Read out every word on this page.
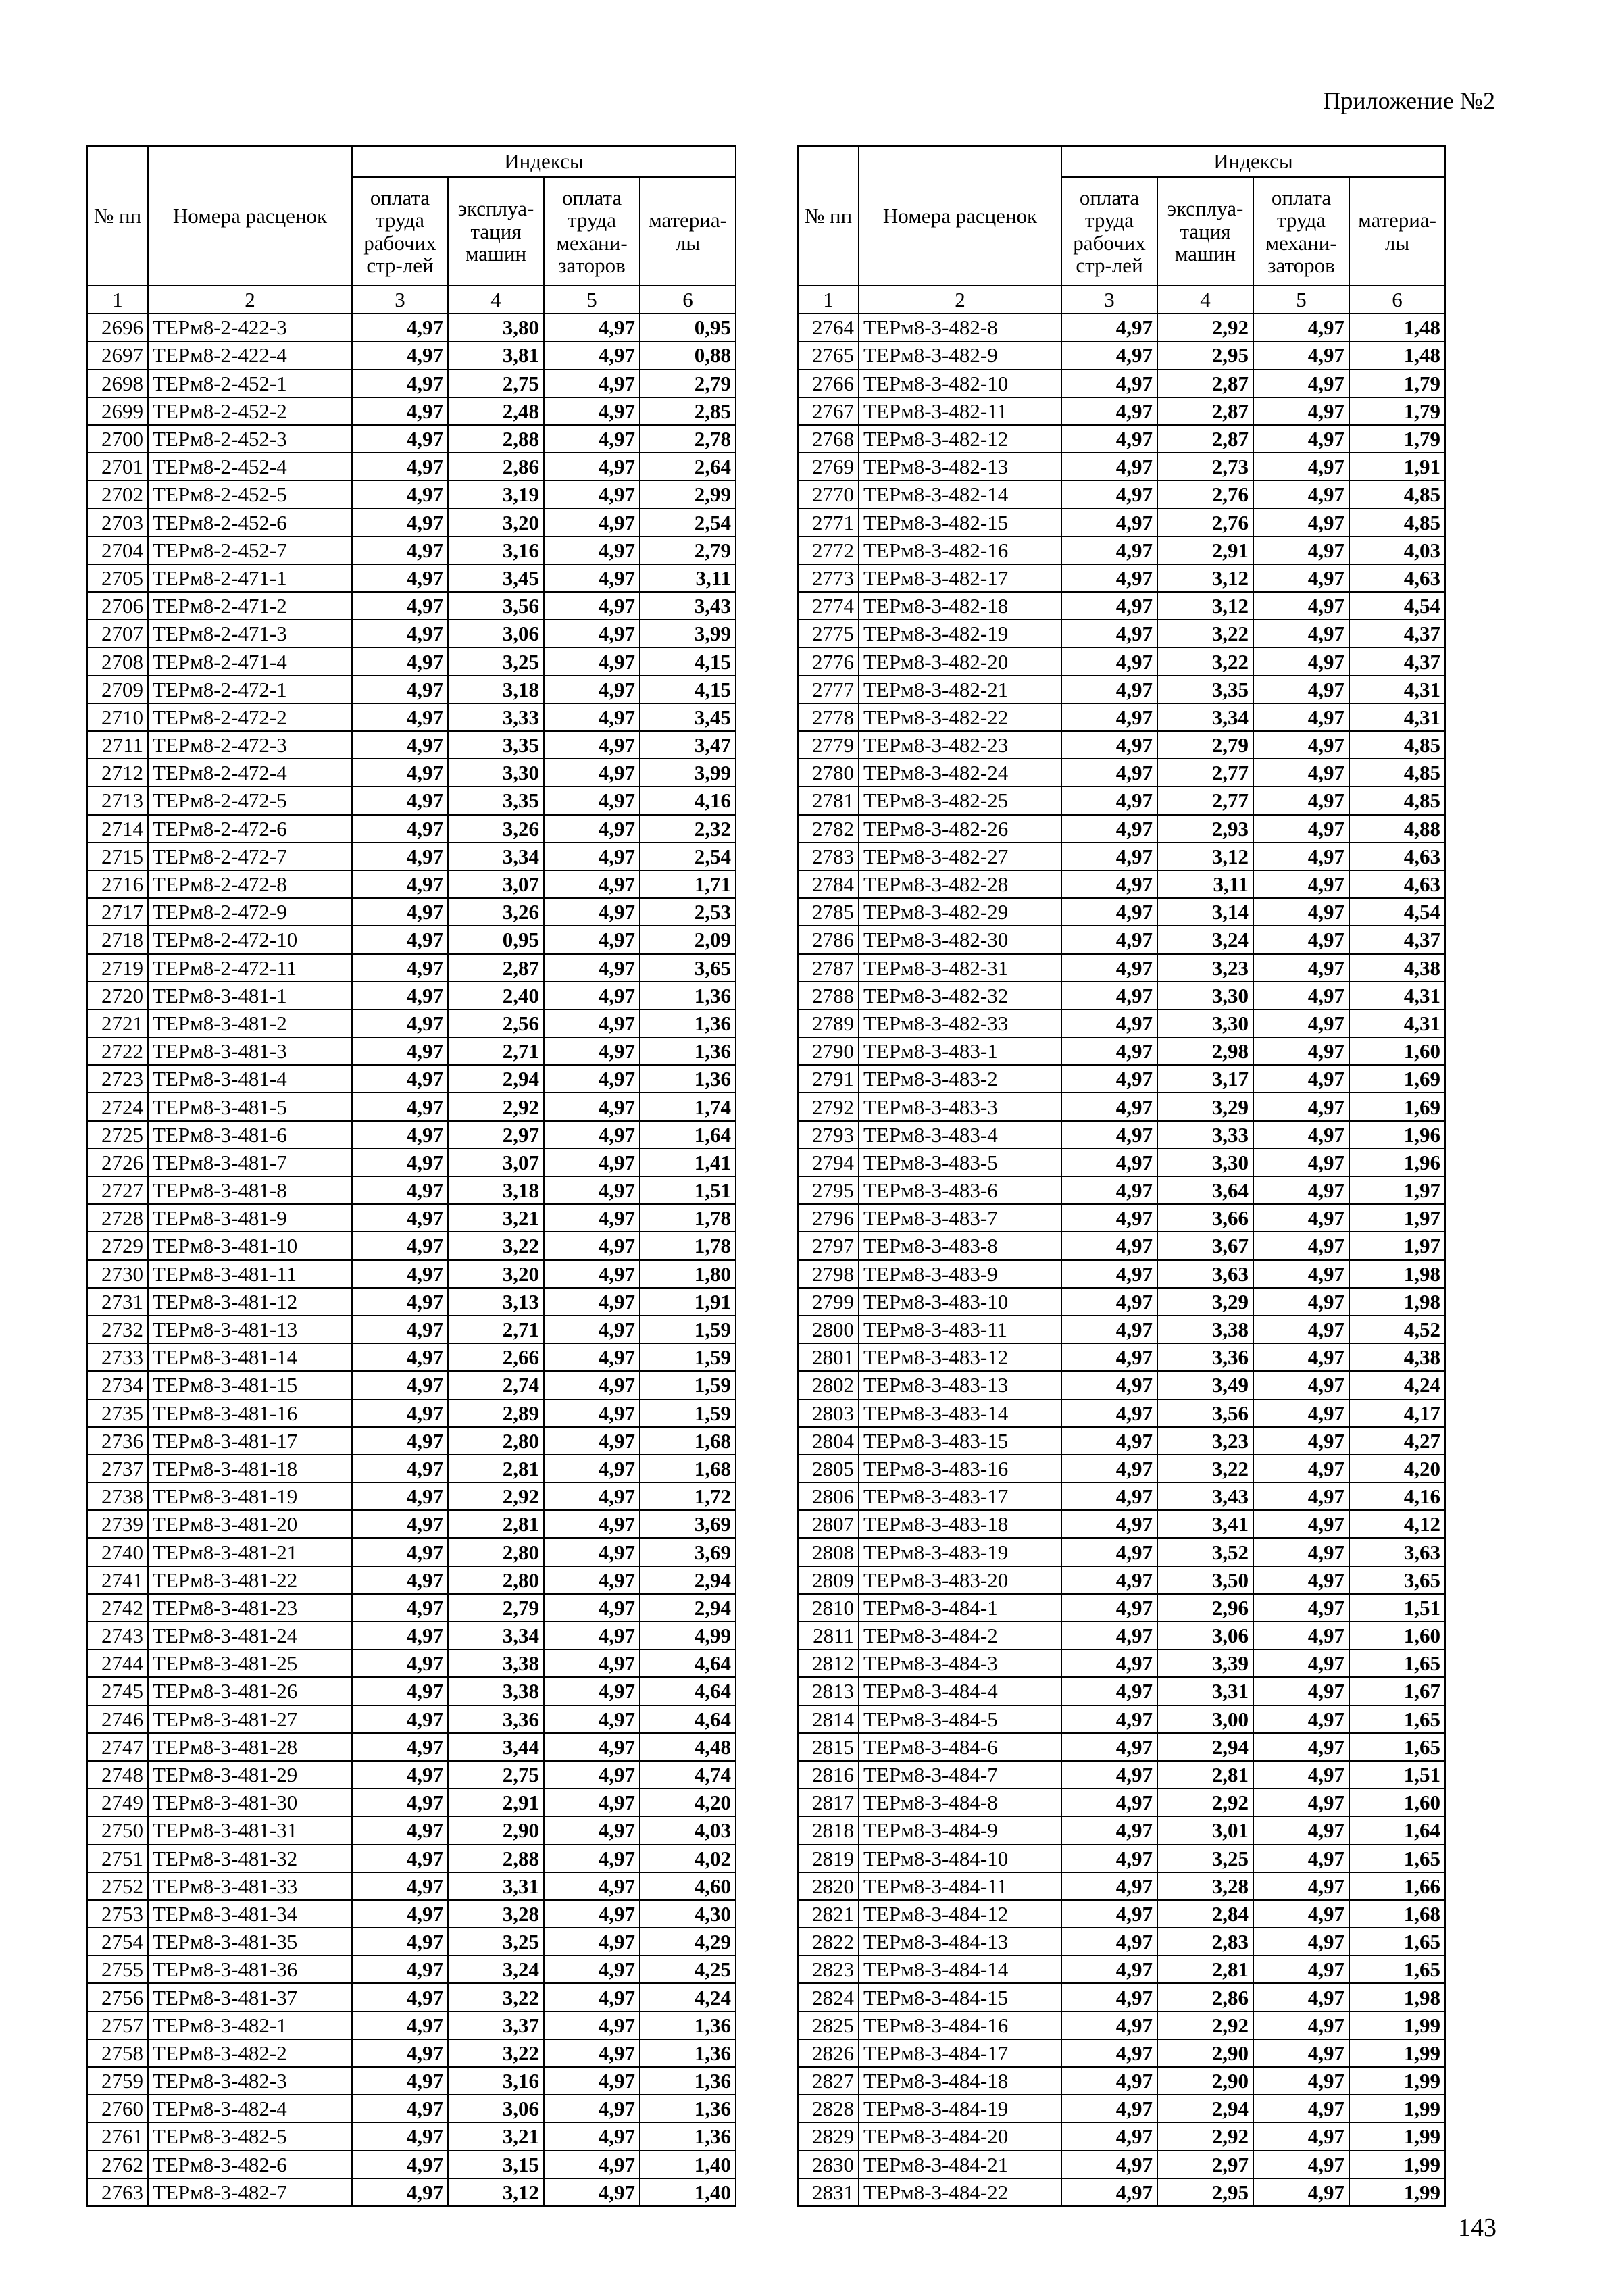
Приложение №2
№ пп	Номера расценок	Индексы			
		оплата
труда
рабочих
стр-лей	эксплуа-
тация
машин	оплата
труда
механи-
заторов	материа-
лы
1	2	3	4	5	6
2696	ТЕРм8-2-422-3	4,97	3,80	4,97	0,95
2697	ТЕРм8-2-422-4	4,97	3,81	4,97	0,88
2698	ТЕРм8-2-452-1	4,97	2,75	4,97	2,79
2699	ТЕРм8-2-452-2	4,97	2,48	4,97	2,85
2700	ТЕРм8-2-452-3	4,97	2,88	4,97	2,78
2701	ТЕРм8-2-452-4	4,97	2,86	4,97	2,64
2702	ТЕРм8-2-452-5	4,97	3,19	4,97	2,99
2703	ТЕРм8-2-452-6	4,97	3,20	4,97	2,54
2704	ТЕРм8-2-452-7	4,97	3,16	4,97	2,79
2705	ТЕРм8-2-471-1	4,97	3,45	4,97	3,11
2706	ТЕРм8-2-471-2	4,97	3,56	4,97	3,43
2707	ТЕРм8-2-471-3	4,97	3,06	4,97	3,99
2708	ТЕРм8-2-471-4	4,97	3,25	4,97	4,15
2709	ТЕРм8-2-472-1	4,97	3,18	4,97	4,15
2710	ТЕРм8-2-472-2	4,97	3,33	4,97	3,45
2711	ТЕРм8-2-472-3	4,97	3,35	4,97	3,47
2712	ТЕРм8-2-472-4	4,97	3,30	4,97	3,99
2713	ТЕРм8-2-472-5	4,97	3,35	4,97	4,16
2714	ТЕРм8-2-472-6	4,97	3,26	4,97	2,32
2715	ТЕРм8-2-472-7	4,97	3,34	4,97	2,54
2716	ТЕРм8-2-472-8	4,97	3,07	4,97	1,71
2717	ТЕРм8-2-472-9	4,97	3,26	4,97	2,53
2718	ТЕРм8-2-472-10	4,97	0,95	4,97	2,09
2719	ТЕРм8-2-472-11	4,97	2,87	4,97	3,65
2720	ТЕРм8-3-481-1	4,97	2,40	4,97	1,36
2721	ТЕРм8-3-481-2	4,97	2,56	4,97	1,36
2722	ТЕРм8-3-481-3	4,97	2,71	4,97	1,36
2723	ТЕРм8-3-481-4	4,97	2,94	4,97	1,36
2724	ТЕРм8-3-481-5	4,97	2,92	4,97	1,74
2725	ТЕРм8-3-481-6	4,97	2,97	4,97	1,64
2726	ТЕРм8-3-481-7	4,97	3,07	4,97	1,41
2727	ТЕРм8-3-481-8	4,97	3,18	4,97	1,51
2728	ТЕРм8-3-481-9	4,97	3,21	4,97	1,78
2729	ТЕРм8-3-481-10	4,97	3,22	4,97	1,78
2730	ТЕРм8-3-481-11	4,97	3,20	4,97	1,80
2731	ТЕРм8-3-481-12	4,97	3,13	4,97	1,91
2732	ТЕРм8-3-481-13	4,97	2,71	4,97	1,59
2733	ТЕРм8-3-481-14	4,97	2,66	4,97	1,59
2734	ТЕРм8-3-481-15	4,97	2,74	4,97	1,59
2735	ТЕРм8-3-481-16	4,97	2,89	4,97	1,59
2736	ТЕРм8-3-481-17	4,97	2,80	4,97	1,68
2737	ТЕРм8-3-481-18	4,97	2,81	4,97	1,68
2738	ТЕРм8-3-481-19	4,97	2,92	4,97	1,72
2739	ТЕРм8-3-481-20	4,97	2,81	4,97	3,69
2740	ТЕРм8-3-481-21	4,97	2,80	4,97	3,69
2741	ТЕРм8-3-481-22	4,97	2,80	4,97	2,94
2742	ТЕРм8-3-481-23	4,97	2,79	4,97	2,94
2743	ТЕРм8-3-481-24	4,97	3,34	4,97	4,99
2744	ТЕРм8-3-481-25	4,97	3,38	4,97	4,64
2745	ТЕРм8-3-481-26	4,97	3,38	4,97	4,64
2746	ТЕРм8-3-481-27	4,97	3,36	4,97	4,64
2747	ТЕРм8-3-481-28	4,97	3,44	4,97	4,48
2748	ТЕРм8-3-481-29	4,97	2,75	4,97	4,74
2749	ТЕРм8-3-481-30	4,97	2,91	4,97	4,20
2750	ТЕРм8-3-481-31	4,97	2,90	4,97	4,03
2751	ТЕРм8-3-481-32	4,97	2,88	4,97	4,02
2752	ТЕРм8-3-481-33	4,97	3,31	4,97	4,60
2753	ТЕРм8-3-481-34	4,97	3,28	4,97	4,30
2754	ТЕРм8-3-481-35	4,97	3,25	4,97	4,29
2755	ТЕРм8-3-481-36	4,97	3,24	4,97	4,25
2756	ТЕРм8-3-481-37	4,97	3,22	4,97	4,24
2757	ТЕРм8-3-482-1	4,97	3,37	4,97	1,36
2758	ТЕРм8-3-482-2	4,97	3,22	4,97	1,36
2759	ТЕРм8-3-482-3	4,97	3,16	4,97	1,36
2760	ТЕРм8-3-482-4	4,97	3,06	4,97	1,36
2761	ТЕРм8-3-482-5	4,97	3,21	4,97	1,36
2762	ТЕРм8-3-482-6	4,97	3,15	4,97	1,40
2763	ТЕРм8-3-482-7	4,97	3,12	4,97	1,40
№ пп	Номера расценок	Индексы			
		оплата
труда
рабочих
стр-лей	эксплуа-
тация
машин	оплата
труда
механи-
заторов	материа-
лы
1	2	3	4	5	6
2764	ТЕРм8-3-482-8	4,97	2,92	4,97	1,48
2765	ТЕРм8-3-482-9	4,97	2,95	4,97	1,48
2766	ТЕРм8-3-482-10	4,97	2,87	4,97	1,79
2767	ТЕРм8-3-482-11	4,97	2,87	4,97	1,79
2768	ТЕРм8-3-482-12	4,97	2,87	4,97	1,79
2769	ТЕРм8-3-482-13	4,97	2,73	4,97	1,91
2770	ТЕРм8-3-482-14	4,97	2,76	4,97	4,85
2771	ТЕРм8-3-482-15	4,97	2,76	4,97	4,85
2772	ТЕРм8-3-482-16	4,97	2,91	4,97	4,03
2773	ТЕРм8-3-482-17	4,97	3,12	4,97	4,63
2774	ТЕРм8-3-482-18	4,97	3,12	4,97	4,54
2775	ТЕРм8-3-482-19	4,97	3,22	4,97	4,37
2776	ТЕРм8-3-482-20	4,97	3,22	4,97	4,37
2777	ТЕРм8-3-482-21	4,97	3,35	4,97	4,31
2778	ТЕРм8-3-482-22	4,97	3,34	4,97	4,31
2779	ТЕРм8-3-482-23	4,97	2,79	4,97	4,85
2780	ТЕРм8-3-482-24	4,97	2,77	4,97	4,85
2781	ТЕРм8-3-482-25	4,97	2,77	4,97	4,85
2782	ТЕРм8-3-482-26	4,97	2,93	4,97	4,88
2783	ТЕРм8-3-482-27	4,97	3,12	4,97	4,63
2784	ТЕРм8-3-482-28	4,97	3,11	4,97	4,63
2785	ТЕРм8-3-482-29	4,97	3,14	4,97	4,54
2786	ТЕРм8-3-482-30	4,97	3,24	4,97	4,37
2787	ТЕРм8-3-482-31	4,97	3,23	4,97	4,38
2788	ТЕРм8-3-482-32	4,97	3,30	4,97	4,31
2789	ТЕРм8-3-482-33	4,97	3,30	4,97	4,31
2790	ТЕРм8-3-483-1	4,97	2,98	4,97	1,60
2791	ТЕРм8-3-483-2	4,97	3,17	4,97	1,69
2792	ТЕРм8-3-483-3	4,97	3,29	4,97	1,69
2793	ТЕРм8-3-483-4	4,97	3,33	4,97	1,96
2794	ТЕРм8-3-483-5	4,97	3,30	4,97	1,96
2795	ТЕРм8-3-483-6	4,97	3,64	4,97	1,97
2796	ТЕРм8-3-483-7	4,97	3,66	4,97	1,97
2797	ТЕРм8-3-483-8	4,97	3,67	4,97	1,97
2798	ТЕРм8-3-483-9	4,97	3,63	4,97	1,98
2799	ТЕРм8-3-483-10	4,97	3,29	4,97	1,98
2800	ТЕРм8-3-483-11	4,97	3,38	4,97	4,52
2801	ТЕРм8-3-483-12	4,97	3,36	4,97	4,38
2802	ТЕРм8-3-483-13	4,97	3,49	4,97	4,24
2803	ТЕРм8-3-483-14	4,97	3,56	4,97	4,17
2804	ТЕРм8-3-483-15	4,97	3,23	4,97	4,27
2805	ТЕРм8-3-483-16	4,97	3,22	4,97	4,20
2806	ТЕРм8-3-483-17	4,97	3,43	4,97	4,16
2807	ТЕРм8-3-483-18	4,97	3,41	4,97	4,12
2808	ТЕРм8-3-483-19	4,97	3,52	4,97	3,63
2809	ТЕРм8-3-483-20	4,97	3,50	4,97	3,65
2810	ТЕРм8-3-484-1	4,97	2,96	4,97	1,51
2811	ТЕРм8-3-484-2	4,97	3,06	4,97	1,60
2812	ТЕРм8-3-484-3	4,97	3,39	4,97	1,65
2813	ТЕРм8-3-484-4	4,97	3,31	4,97	1,67
2814	ТЕРм8-3-484-5	4,97	3,00	4,97	1,65
2815	ТЕРм8-3-484-6	4,97	2,94	4,97	1,65
2816	ТЕРм8-3-484-7	4,97	2,81	4,97	1,51
2817	ТЕРм8-3-484-8	4,97	2,92	4,97	1,60
2818	ТЕРм8-3-484-9	4,97	3,01	4,97	1,64
2819	ТЕРм8-3-484-10	4,97	3,25	4,97	1,65
2820	ТЕРм8-3-484-11	4,97	3,28	4,97	1,66
2821	ТЕРм8-3-484-12	4,97	2,84	4,97	1,68
2822	ТЕРм8-3-484-13	4,97	2,83	4,97	1,65
2823	ТЕРм8-3-484-14	4,97	2,81	4,97	1,65
2824	ТЕРм8-3-484-15	4,97	2,86	4,97	1,98
2825	ТЕРм8-3-484-16	4,97	2,92	4,97	1,99
2826	ТЕРм8-3-484-17	4,97	2,90	4,97	1,99
2827	ТЕРм8-3-484-18	4,97	2,90	4,97	1,99
2828	ТЕРм8-3-484-19	4,97	2,94	4,97	1,99
2829	ТЕРм8-3-484-20	4,97	2,92	4,97	1,99
2830	ТЕРм8-3-484-21	4,97	2,97	4,97	1,99
2831	ТЕРм8-3-484-22	4,97	2,95	4,97	1,99
143
